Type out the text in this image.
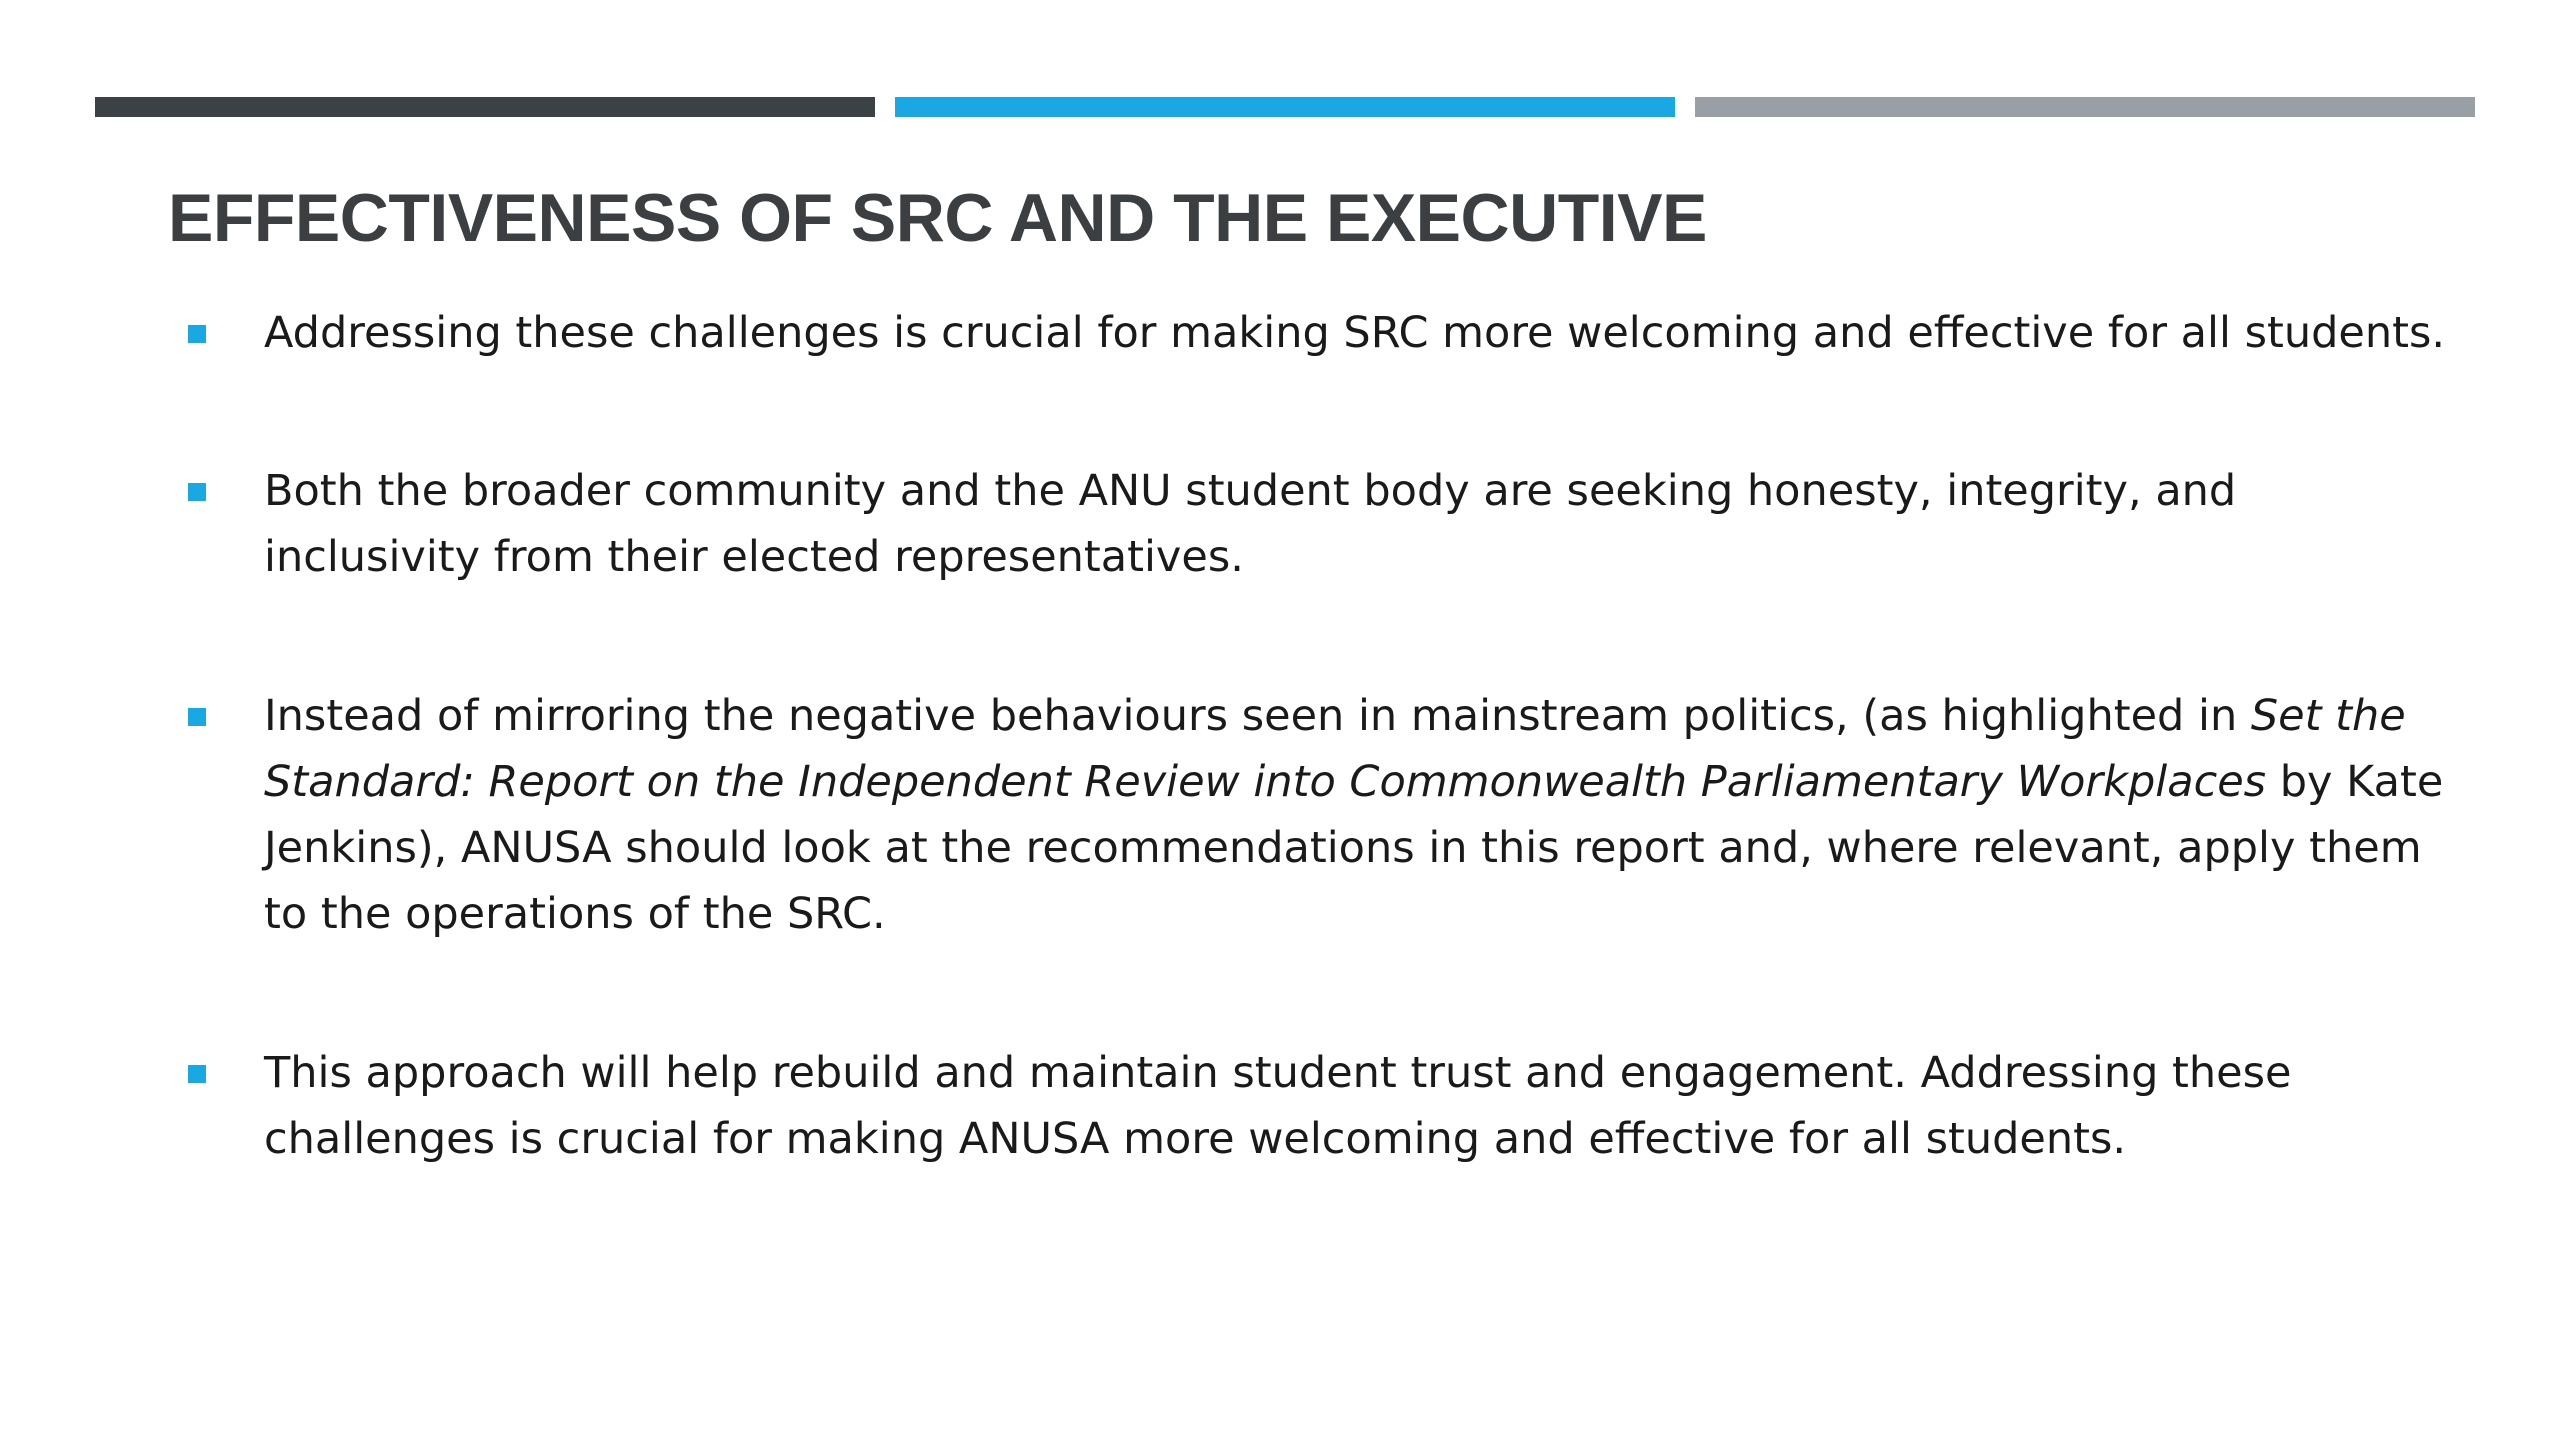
EFFECTIVENESS OF SRC AND THE EXECUTIVE
Addressing these challenges is crucial for making SRC more welcoming and effective for all students.
Both the broader community and the ANU student body are seeking honesty, integrity, and
inclusivity from their elected representatives.
Instead of mirroring the negative behaviours seen in mainstream politics, (as highlighted in Set the
Standard: Report on the Independent Review into Commonwealth Parliamentary Workplaces by Kate
Jenkins), ANUSA should look at the recommendations in this report and, where relevant, apply them
to the operations of the SRC.
This approach will help rebuild and maintain student trust and engagement. Addressing these
challenges is crucial for making ANUSA more welcoming and effective for all students.
